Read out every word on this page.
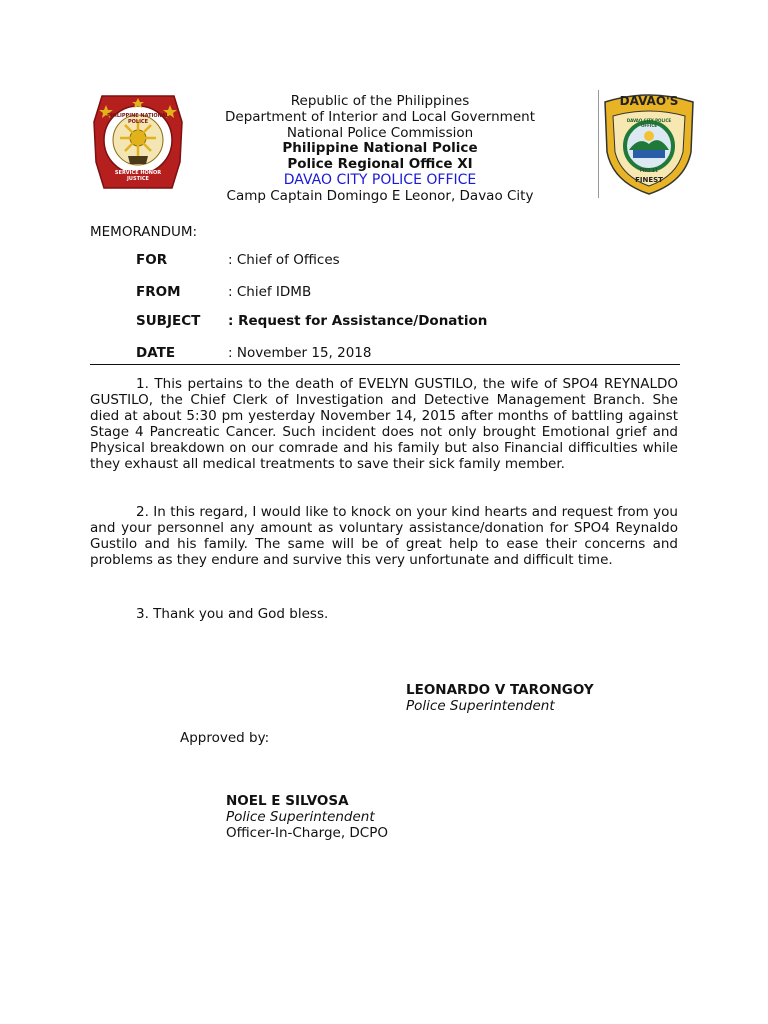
PHILIPPINE NATIONAL POLICE
SERVICE HONOR JUSTICE
DAVAO'S
DAVAO CITY POLICE OFFICE
PRO 11
FINEST
Republic of the Philippines
Department of Interior and Local Government
National Police Commission
Philippine National Police
Police Regional Office XI
DAVAO CITY POLICE OFFICE
Camp Captain Domingo E Leonor, Davao City
MEMORANDUM:
FOR	: Chief of Offices
FROM	: Chief IDMB
SUBJECT : Request for Assistance/Donation
DATE	: November 15, 2018
1. This pertains to the death of EVELYN GUSTILO, the wife of SPO4 REYNALDO GUSTILO, the Chief Clerk of Investigation and Detective Management Branch. She died at about 5:30 pm yesterday November 14, 2015 after months of battling against Stage 4 Pancreatic Cancer. Such incident does not only brought Emotional grief and Physical breakdown on our comrade and his family but also Financial difficulties while they exhaust all medical treatments to save their sick family member.
2. In this regard, I would like to knock on your kind hearts and request from you and your personnel any amount as voluntary assistance/donation for SPO4 Reynaldo Gustilo and his family. The same will be of great help to ease their concerns and problems as they endure and survive this very unfortunate and difficult time.
3. Thank you and God bless.
LEONARDO V TARONGOY
Police Superintendent
Approved by:
NOEL E SILVOSA
Police Superintendent
Officer-In-Charge, DCPO
